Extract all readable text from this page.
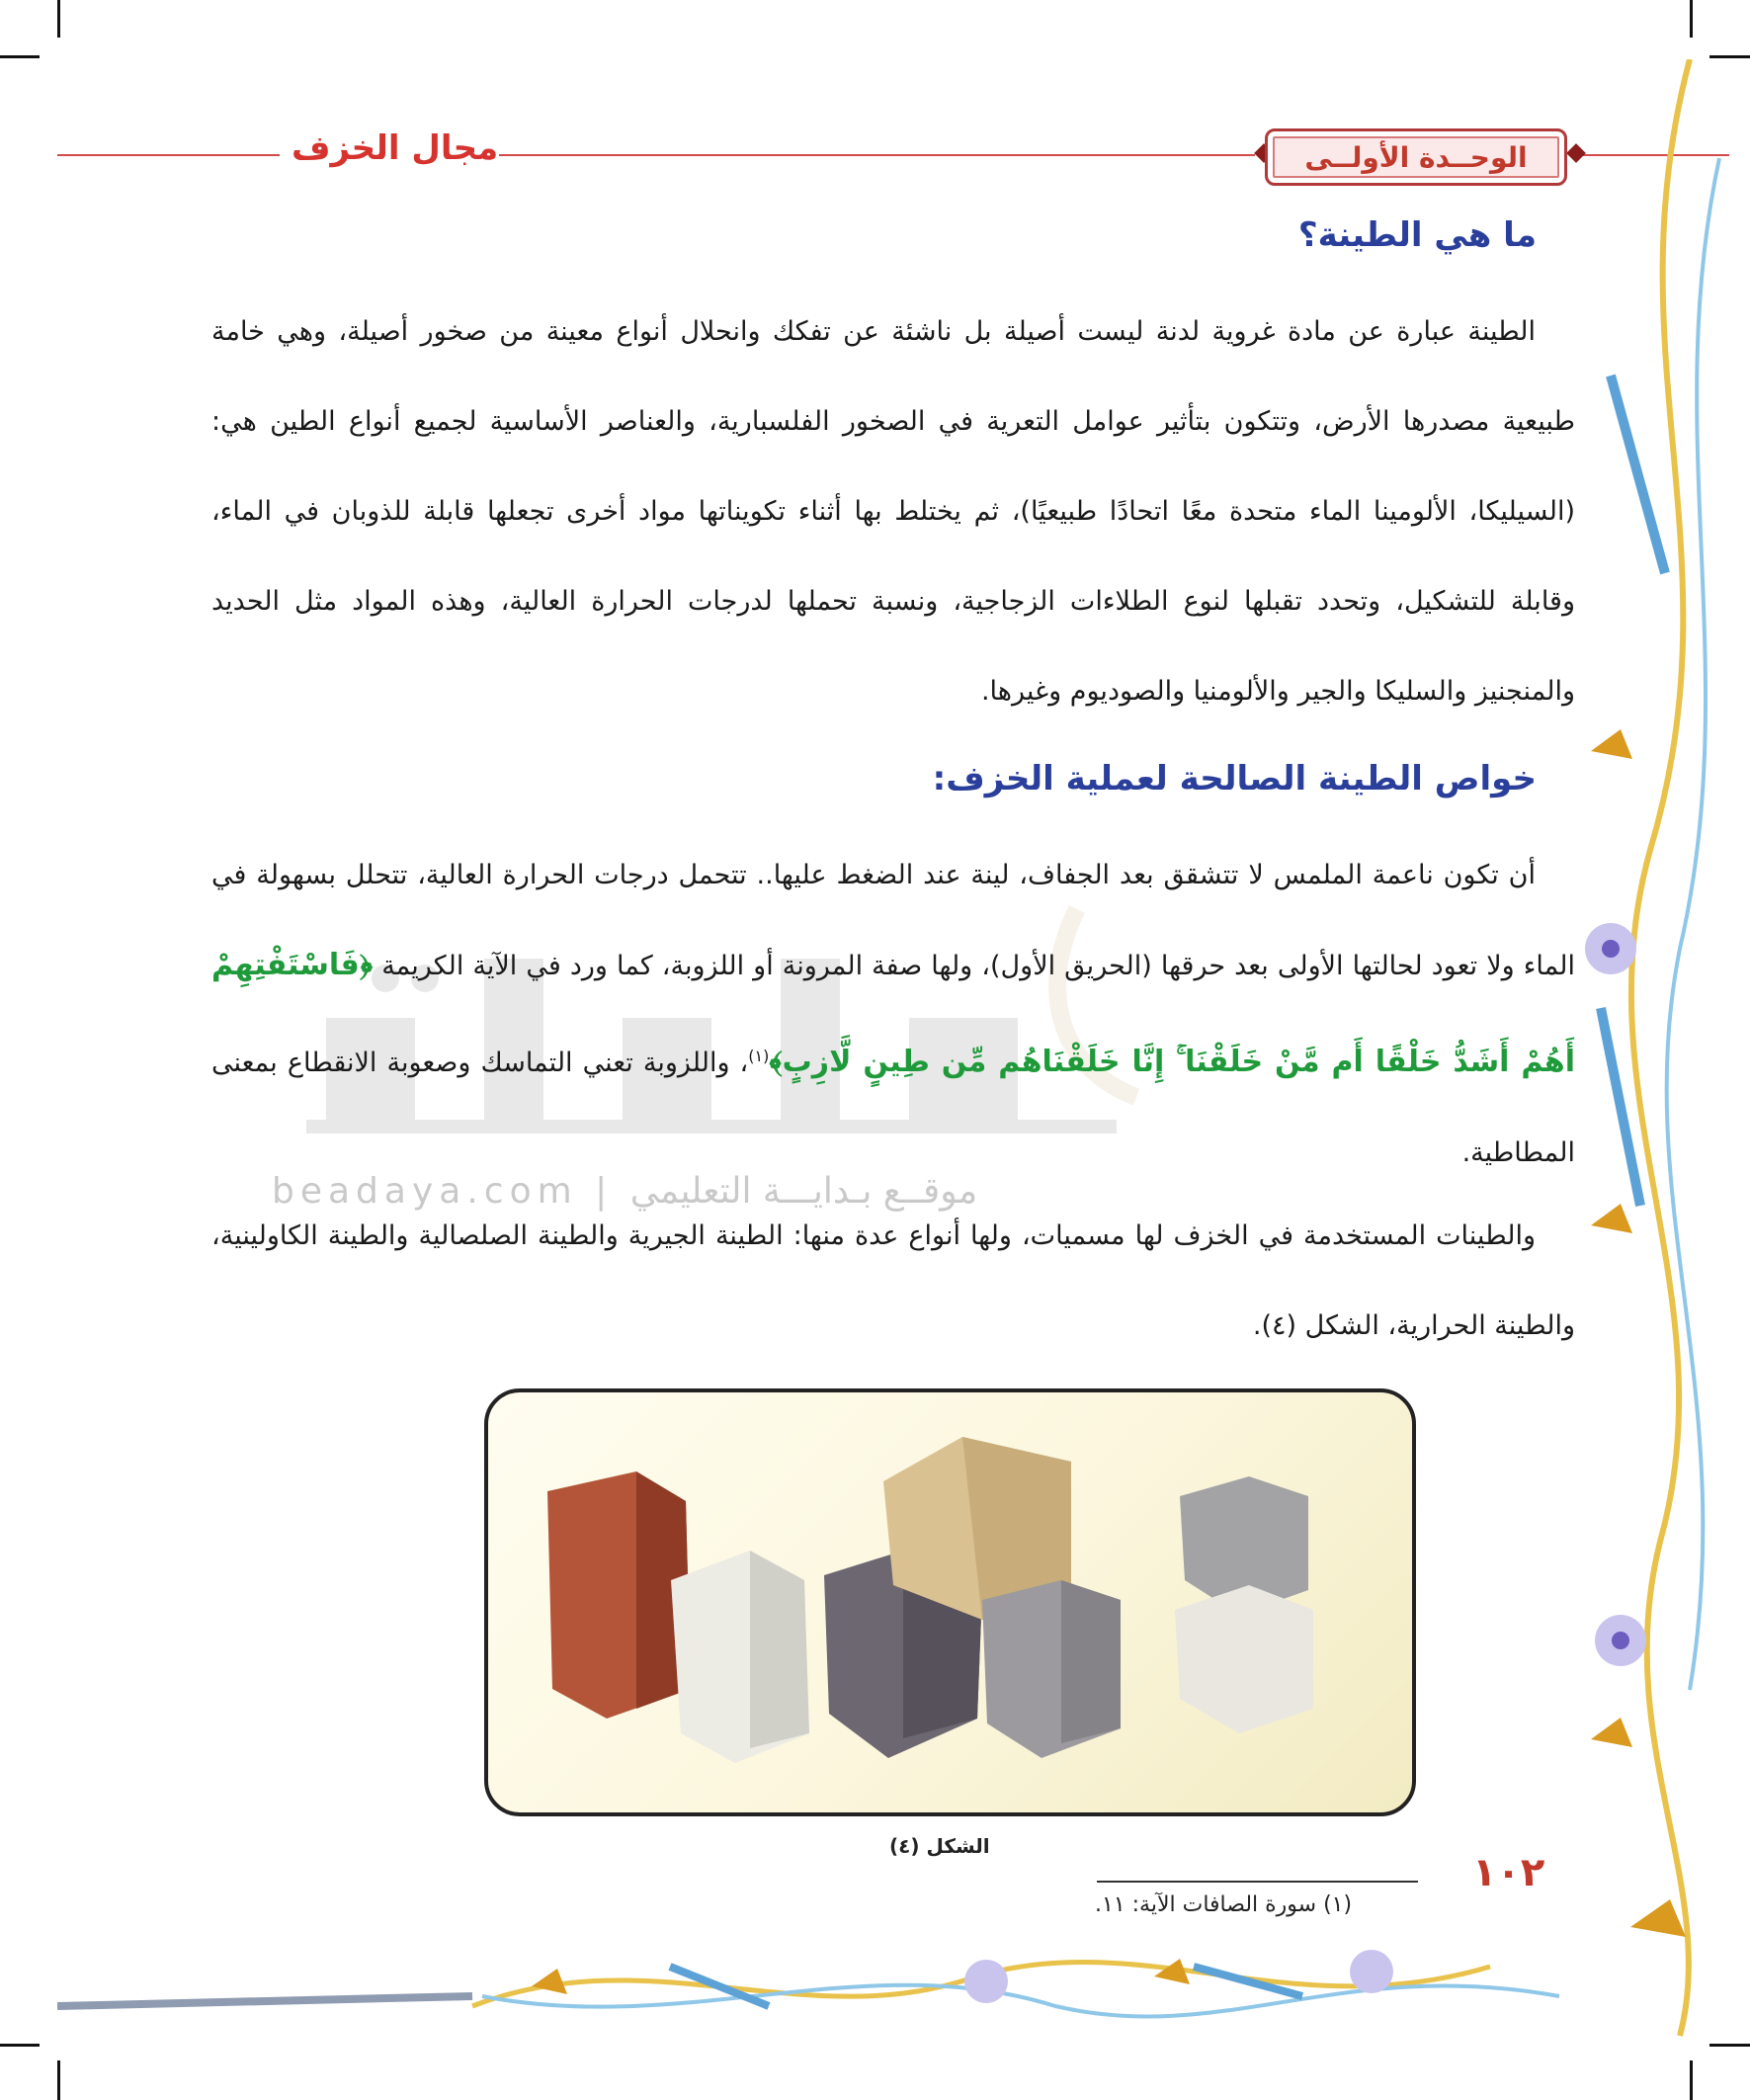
مجال الخزف	الوحــدة الأولــى
beadaya.com | موقــع بـدايـــة التعليمي
ما هي الطينة؟

الطينة عبارة عن مادة غروية لدنة ليست أصيلة بل ناشئة عن تفكك وانحلال أنواع معينة من صخور أصيلة، وهي خامة طبيعية مصدرها الأرض، وتتكون بتأثير عوامل التعرية في الصخور الفلسبارية، والعناصر الأساسية لجميع أنواع الطين هي: (السيليكا، الألومينا الماء متحدة معًا اتحادًا طبيعيًا)، ثم يختلط بها أثناء تكويناتها مواد أخرى تجعلها قابلة للذوبان في الماء، وقابلة للتشكيل، وتحدد تقبلها لنوع الطلاءات الزجاجية، ونسبة تحملها لدرجات الحرارة العالية، وهذه المواد مثل الحديد والمنجنيز والسليكا والجير والألومنيا والصوديوم وغيرها.

خواص الطينة الصالحة لعملية الخزف:

أن تكون ناعمة الملمس لا تتشقق بعد الجفاف، لينة عند الضغط عليها.. تتحمل درجات الحرارة العالية، تتحلل بسهولة في الماء ولا تعود لحالتها الأولى بعد حرقها (الحريق الأول)، ولها صفة المرونة أو اللزوبة، كما ورد في الآية الكريمة ﴿فَاسْتَفْتِهِمْ أَهُمْ أَشَدُّ خَلْقًا أَم مَّنْ خَلَقْنَا ۚ إِنَّا خَلَقْنَاهُم مِّن طِينٍ لَّازِبٍ﴾$^{(١)}$، واللزوبة تعني التماسك وصعوبة الانقطاع بمعنى المطاطية.

والطينات المستخدمة في الخزف لها مسميات، ولها أنواع عدة منها: الطينة الجيرية والطينة الصلصالية والطينة الكاولينية، والطينة الحرارية، الشكل (٤).

الشكل (٤)
(١) سورة الصافات الآية: ١١.
١٠٢
